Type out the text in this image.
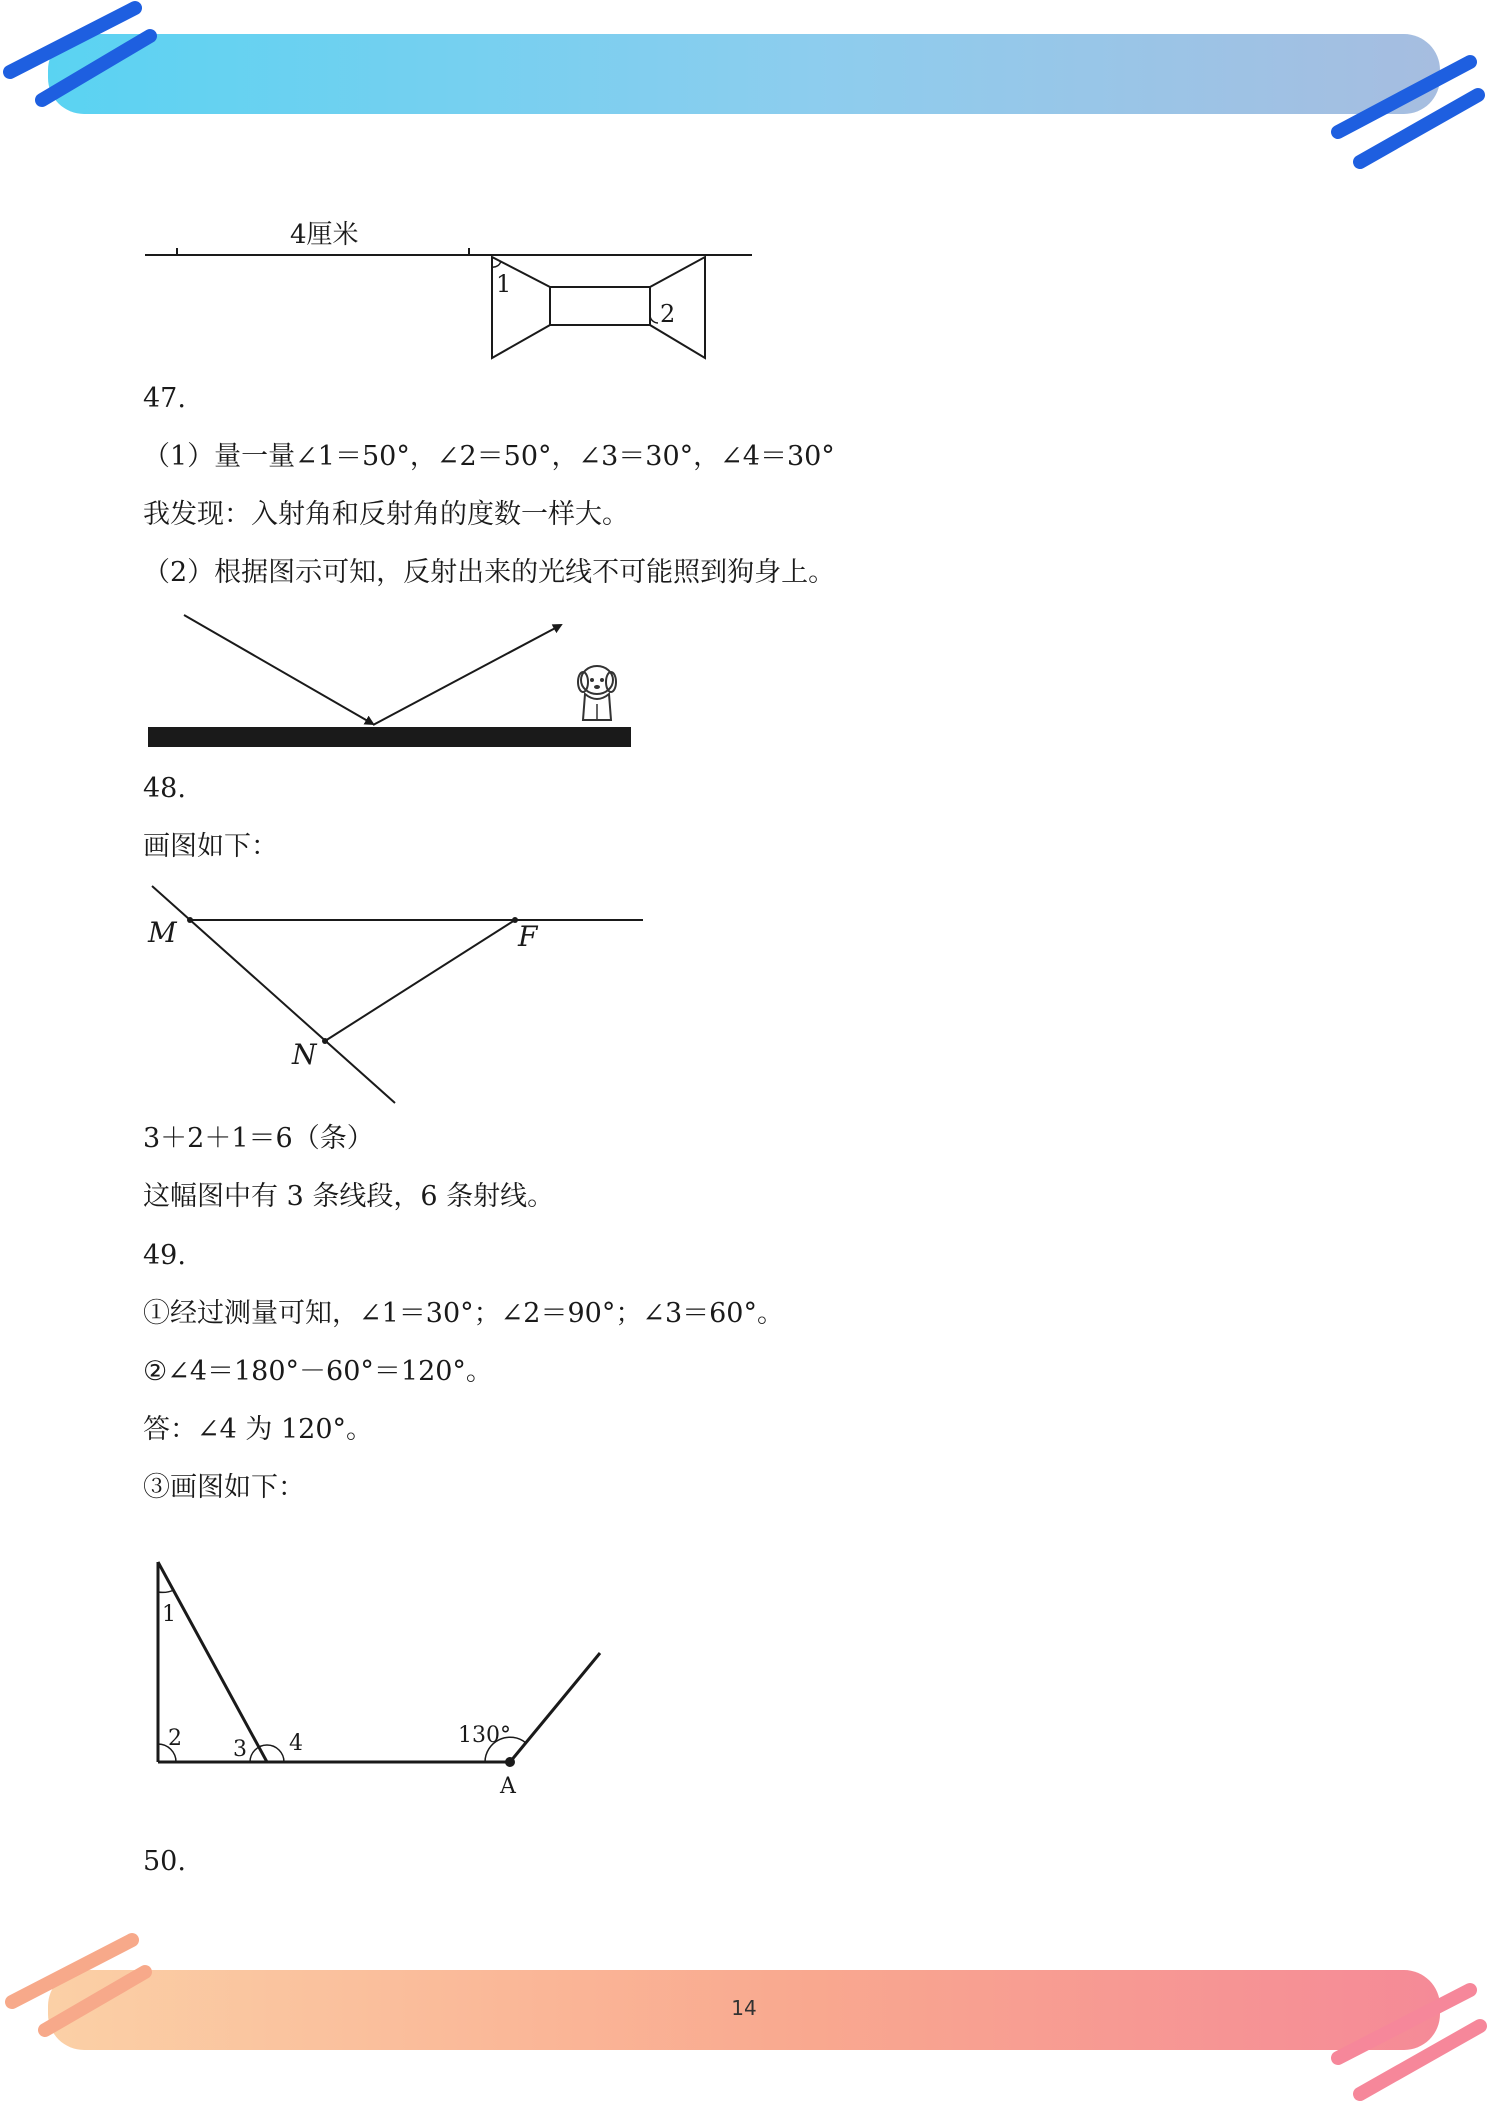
14
4厘米
1
2

47.

（1）量一量∠1＝50°，∠2＝50°，∠3＝30°，∠4＝30°

我发现：入射角和反射角的度数一样大。

（2）根据图示可知，反射出来的光线不可能照到狗身上。

48.

画图如下：

M	F
N

3＋2＋1＝6（条）

这幅图中有 3 条线段，6 条射线。

49.

①经过测量可知，∠1＝30°；∠2＝90°；∠3＝60°。

②∠4＝180°－60°＝120°。

答：∠4 为 120°。

③画图如下：

1
2 3 4	130°
A

50.
